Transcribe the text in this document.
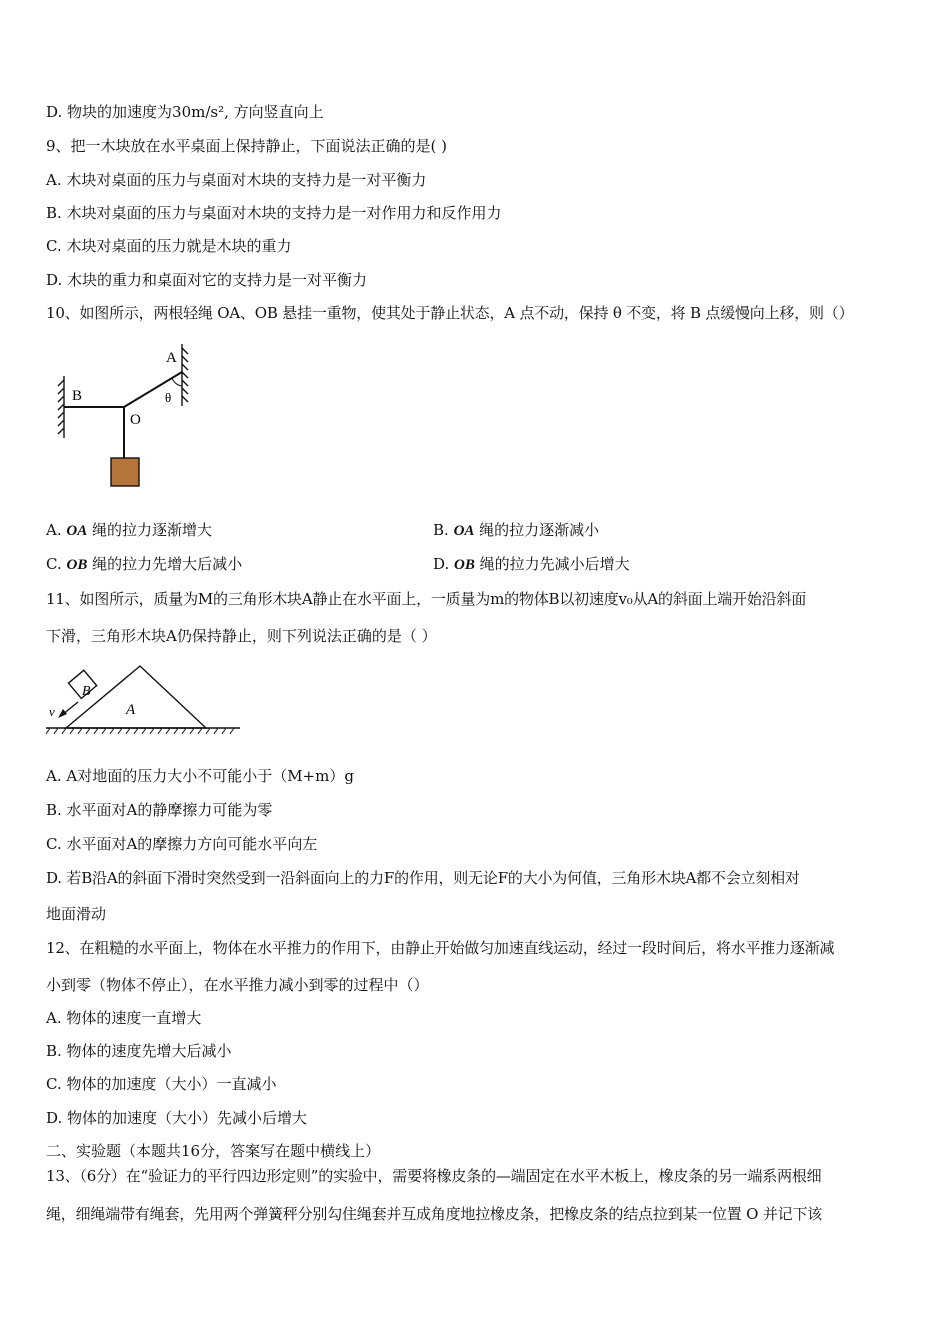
D. 物块的加速度为30m/s², 方向竖直向上
9、把一木块放在水平桌面上保持静止，下面说法正确的是( )
A. 木块对桌面的压力与桌面对木块的支持力是一对平衡力
B. 木块对桌面的压力与桌面对木块的支持力是一对作用力和反作用力
C. 木块对桌面的压力就是木块的重力
D. 木块的重力和桌面对它的支持力是一对平衡力
10、如图所示，两根轻绳 OA、OB 悬挂一重物，使其处于静止状态，A 点不动，保持 θ 不变，将 B 点缓慢向上移，则（）
A
B
O
θ
A. OA 绳的拉力逐渐增大	B. OA 绳的拉力逐渐减小
C. OB 绳的拉力先增大后减小	D. OB 绳的拉力先减小后增大
11、如图所示，质量为M的三角形木块A静止在水平面上，一质量为m的物体B以初速度v₀从A的斜面上端开始沿斜面
下滑，三角形木块A仍保持静止，则下列说法正确的是（ ）
B
v	A
A. A对地面的压力大小不可能小于（M+m）g
B. 水平面对A的静摩擦力可能为零
C. 水平面对A的摩擦力方向可能水平向左
D. 若B沿A的斜面下滑时突然受到一沿斜面向上的力F的作用，则无论F的大小为何值，三角形木块A都不会立刻相对
地面滑动
12、在粗糙的水平面上，物体在水平推力的作用下，由静止开始做匀加速直线运动，经过一段时间后，将水平推力逐渐减
小到零（物体不停止），在水平推力减小到零的过程中（）
A. 物体的速度一直增大
B. 物体的速度先增大后减小
C. 物体的加速度（大小）一直减小
D. 物体的加速度（大小）先减小后增大
二、实验题（本题共16分，答案写在题中横线上）
13、（6分）在“验证力的平行四边形定则”的实验中，需要将橡皮条的—端固定在水平木板上，橡皮条的另一端系两根细
绳，细绳端带有绳套，先用两个弹簧秤分别勾住绳套并互成角度地拉橡皮条，把橡皮条的结点拉到某一位置 O 并记下该
